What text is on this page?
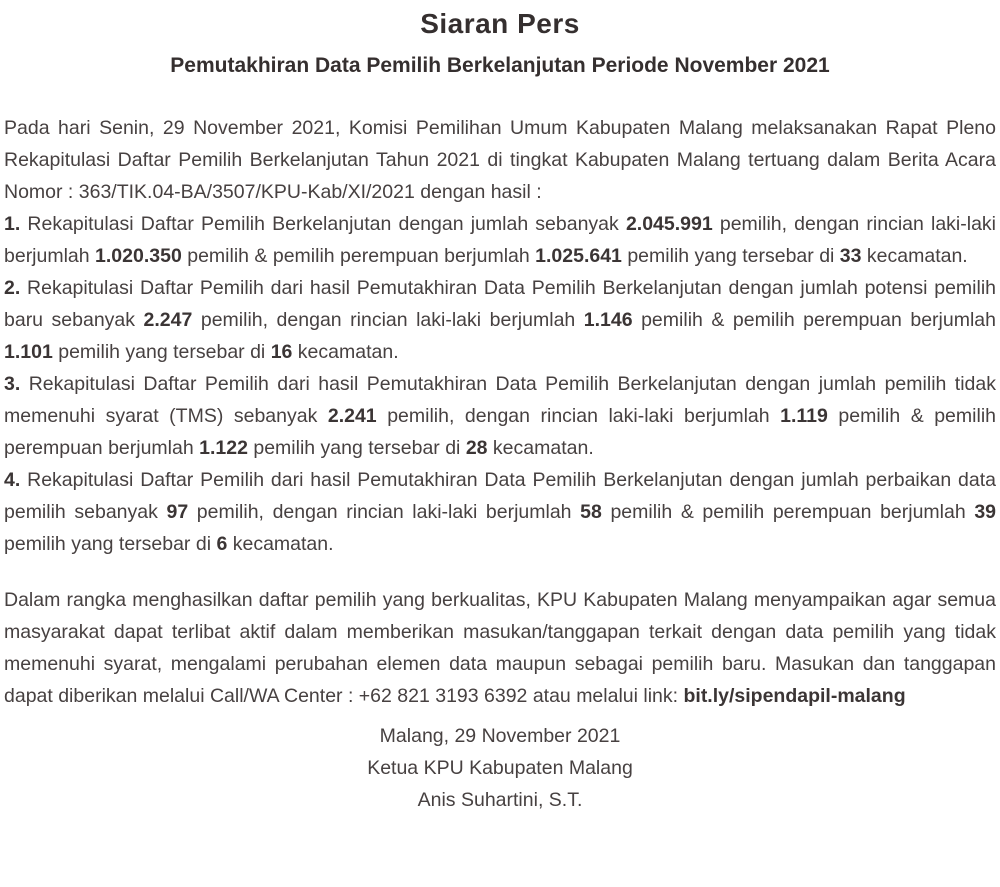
Siaran Pers
Pemutakhiran Data Pemilih Berkelanjutan Periode November 2021

Pada hari Senin, 29 November 2021, Komisi Pemilihan Umum Kabupaten Malang melaksanakan Rapat Pleno Rekapitulasi Daftar Pemilih Berkelanjutan Tahun 2021 di tingkat Kabupaten Malang tertuang dalam Berita Acara Nomor : 363/TIK.04-BA/3507/KPU-Kab/XI/2021 dengan hasil :

1. Rekapitulasi Daftar Pemilih Berkelanjutan dengan jumlah sebanyak 2.045.991 pemilih, dengan rincian laki-laki berjumlah 1.020.350 pemilih & pemilih perempuan berjumlah 1.025.641 pemilih yang tersebar di 33 kecamatan.

2. Rekapitulasi Daftar Pemilih dari hasil Pemutakhiran Data Pemilih Berkelanjutan dengan jumlah potensi pemilih baru sebanyak 2.247 pemilih, dengan rincian laki-laki berjumlah 1.146 pemilih & pemilih perempuan berjumlah 1.101 pemilih yang tersebar di 16 kecamatan.

3. Rekapitulasi Daftar Pemilih dari hasil Pemutakhiran Data Pemilih Berkelanjutan dengan jumlah pemilih tidak memenuhi syarat (TMS) sebanyak 2.241 pemilih, dengan rincian laki-laki berjumlah 1.119 pemilih & pemilih perempuan berjumlah 1.122 pemilih yang tersebar di 28 kecamatan.

4. Rekapitulasi Daftar Pemilih dari hasil Pemutakhiran Data Pemilih Berkelanjutan dengan jumlah perbaikan data pemilih sebanyak 97 pemilih, dengan rincian laki-laki berjumlah 58 pemilih & pemilih perempuan berjumlah 39 pemilih yang tersebar di 6 kecamatan.

Dalam rangka menghasilkan daftar pemilih yang berkualitas, KPU Kabupaten Malang menyampaikan agar semua masyarakat dapat terlibat aktif dalam memberikan masukan/tanggapan terkait dengan data pemilih yang tidak memenuhi syarat, mengalami perubahan elemen data maupun sebagai pemilih baru. Masukan dan tanggapan dapat diberikan melalui Call/WA Center : +62 821 3193 6392 atau melalui link: bit.ly/sipendapil-malang

Malang, 29 November 2021
Ketua KPU Kabupaten Malang
Anis Suhartini, S.T.
